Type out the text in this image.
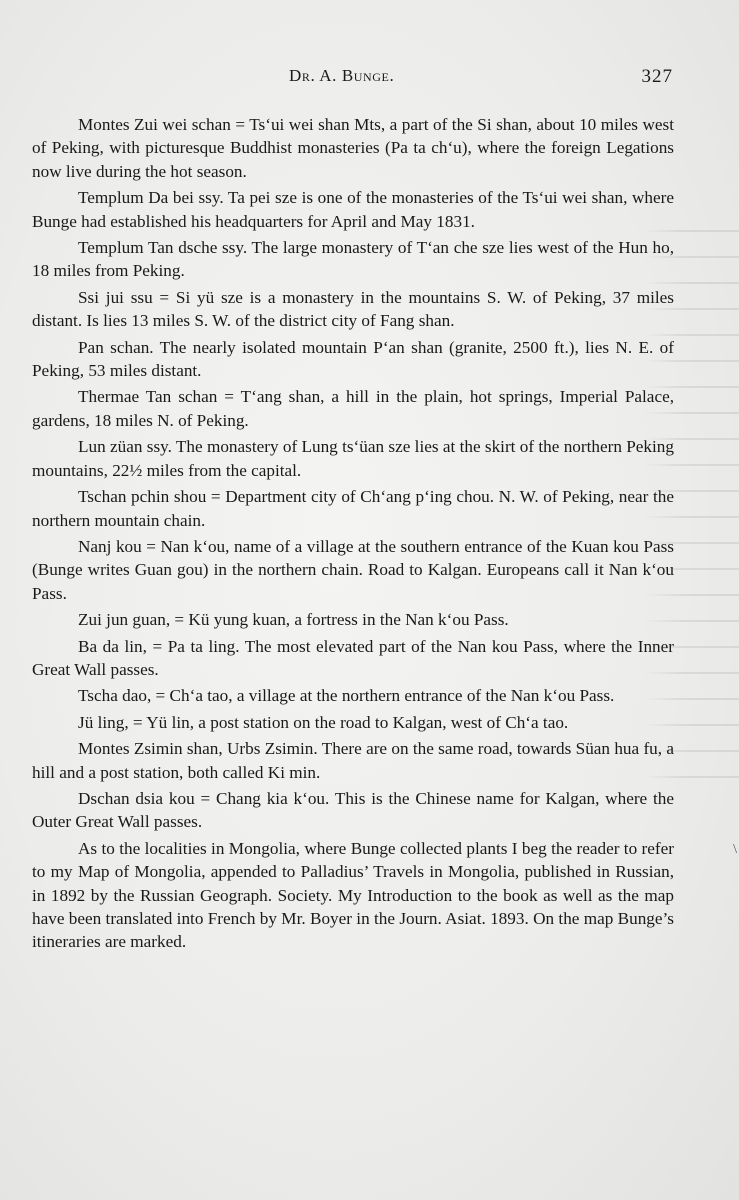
\
Dr. A. Bunge.	327

Montes Zui wei schan = Ts‘ui wei shan Mts, a part of the Si shan, about 10 miles west of Peking, with picturesque Buddhist monasteries (Pa ta ch‘u), where the foreign Legations now live during the hot season.

Templum Da bei ssy. Ta pei sze is one of the monasteries of the Ts‘ui wei shan, where Bunge had established his headquarters for April and May 1831.

Templum Tan dsche ssy. The large monastery of T‘an che sze lies west of the Hun ho, 18 miles from Peking.

Ssi jui ssu = Si yü sze is a monastery in the mountains S. W. of Peking, 37 miles distant. Is lies 13 miles S. W. of the district city of Fang shan.

Pan schan. The nearly isolated mountain P‘an shan (granite, 2500 ft.), lies N. E. of Peking, 53 miles distant.

Thermae Tan schan = T‘ang shan, a hill in the plain, hot springs, Imperial Palace, gardens, 18 miles N. of Peking.

Lun züan ssy. The monastery of Lung ts‘üan sze lies at the skirt of the northern Peking mountains, 22½ miles from the capital.

Tschan pchin shou = Department city of Ch‘ang p‘ing chou. N. W. of Peking, near the northern mountain chain.

Nanj kou = Nan k‘ou, name of a village at the southern entrance of the Kuan kou Pass (Bunge writes Guan gou) in the northern chain. Road to Kalgan. Europeans call it Nan k‘ou Pass.

Zui jun guan, = Kü yung kuan, a fortress in the Nan k‘ou Pass.

Ba da lin, = Pa ta ling. The most elevated part of the Nan kou Pass, where the Inner Great Wall passes.

Tscha dao, = Ch‘a tao, a village at the northern entrance of the Nan k‘ou Pass.

Jü ling, = Yü lin, a post station on the road to Kalgan, west of Ch‘a tao.

Montes Zsimin shan, Urbs Zsimin. There are on the same road, towards Süan hua fu, a hill and a post station, both called Ki min.

Dschan dsia kou = Chang kia k‘ou. This is the Chinese name for Kalgan, where the Outer Great Wall passes.

As to the localities in Mongolia, where Bunge collected plants I beg the reader to refer to my Map of Mongolia, appended to Palladius’ Travels in Mongolia, published in Russian, in 1892 by the Russian Geograph. Society. My Introduction to the book as well as the map have been translated into French by Mr. Boyer in the Journ. Asiat. 1893. On the map Bunge’s itineraries are marked.
